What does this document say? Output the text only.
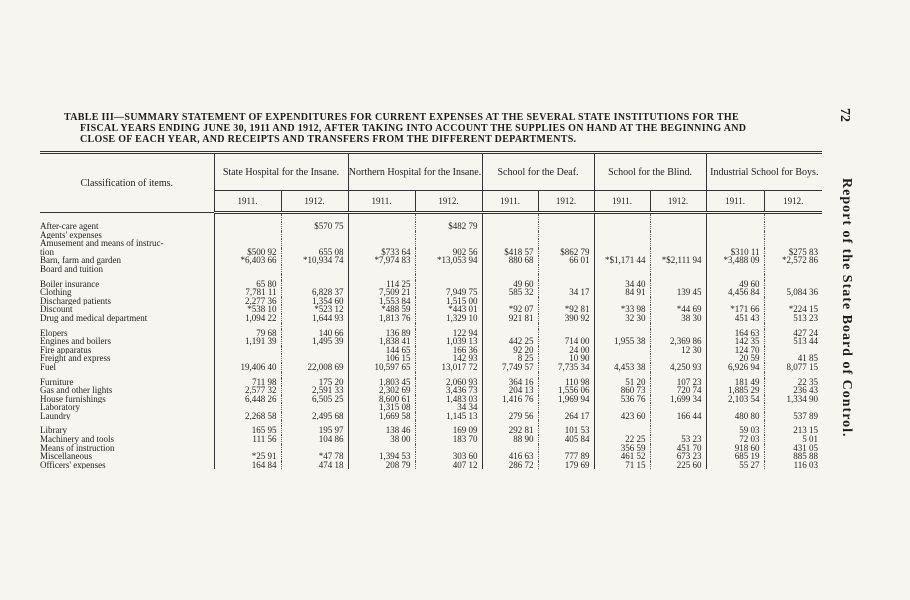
72
Report of the State Board of Control.
TABLE III—SUMMARY STATEMENT OF EXPENDITURES FOR CURRENT EXPENSES AT THE SEVERAL STATE INSTITUTIONS FOR THE
FISCAL YEARS ENDING JUNE 30, 1911 AND 1912, AFTER TAKING INTO ACCOUNT THE SUPPLIES ON HAND AT THE BEGINNING AND
CLOSE OF EACH YEAR, AND RECEIPTS AND TRANSFERS FROM THE DIFFERENT DEPARTMENTS.
Classification of items.	State Hospital for the Insane.		Northern Hospital for the Insane.		School for the Deaf.		School for the Blind.		Industrial School for Boys.	
	1911.	1912.	1911.	1912.	1911.	1912.	1911.	1912.	1911.	1912.

After-care agent		$570 75		$482 79						
Agents' expenses										
Amusement and means of instruc-										
tion	$500 92	655 08	$733 64	902 56	$418 57	$862 79			$310 11	$275 83
Barn, farm and garden	*6,403 66	*10,934 74	*7,974 83	*13,053 94	880 68	66 01	*$1,171 44	*$2,111 94	*3,488 09	*2,572 86
Board and tuition										

Boiler insurance	65 80		114 25		49 60		34 40		49 60	
Clothing	7,781 11	6,828 37	7,509 21	7,949 75	585 32	34 17	84 91	139 45	4,456 84	5,084 36
Discharged patients	2,277 36	1,354 60	1,553 84	1,515 00						
Discount	*538 10	*523 12	*488 59	*443 01	*92 07	*92 81	*33 98	*44 69	*171 66	*224 15
Drug and medical department	1,094 22	1,644 93	1,813 76	1,329 10	921 81	390 92	32 30	38 30	451 43	513 23

Elopers	79 68	140 66	136 89	122 94					164 63	427 24
Engines and boilers	1,191 39	1,495 39	1,838 41	1,039 13	442 25	714 00	1,955 38	2,369 86	142 35	513 44
Fire apparatus			144 65	166 36	92 20	24 00		12 30	124 70	
Freight and express			106 15	142 93	8 25	10 90			20 59	41 85
Fuel	19,406 40	22,008 69	10,597 65	13,017 72	7,749 57	7,735 34	4,453 38	4,250 93	6,926 94	8,077 15

Furniture	711 98	175 20	1,803 45	2,060 93	364 16	110 98	51 20	107 23	181 49	22 35
Gas and other lights	2,577 32	2,591 33	2,302 69	3,436 73	204 13	1,556 06	860 73	720 74	1,885 29	236 43
House furnishings	6,448 26	6,505 25	8,600 61	1,483 03	1,416 76	1,969 94	536 76	1,699 34	2,103 54	1,334 90
Laboratory			1,315 08	34 34						
Laundry	2,268 58	2,495 68	1,669 58	1,145 13	279 56	264 17	423 60	166 44	480 80	537 89

Library	165 95	195 97	138 46	169 09	292 81	101 53			59 03	213 15
Machinery and tools	111 56	104 86	38 00	183 70	88 90	405 84	22 25	53 23	72 03	5 01
Means of instruction							356 59	451 70	918 60	431 05
Miscellaneous	*25 91	*47 78	1,394 53	303 60	416 63	777 89	461 52	673 23	685 19	885 88
Officers' expenses	164 84	474 18	208 79	407 12	286 72	179 69	71 15	225 60	55 27	116 03
